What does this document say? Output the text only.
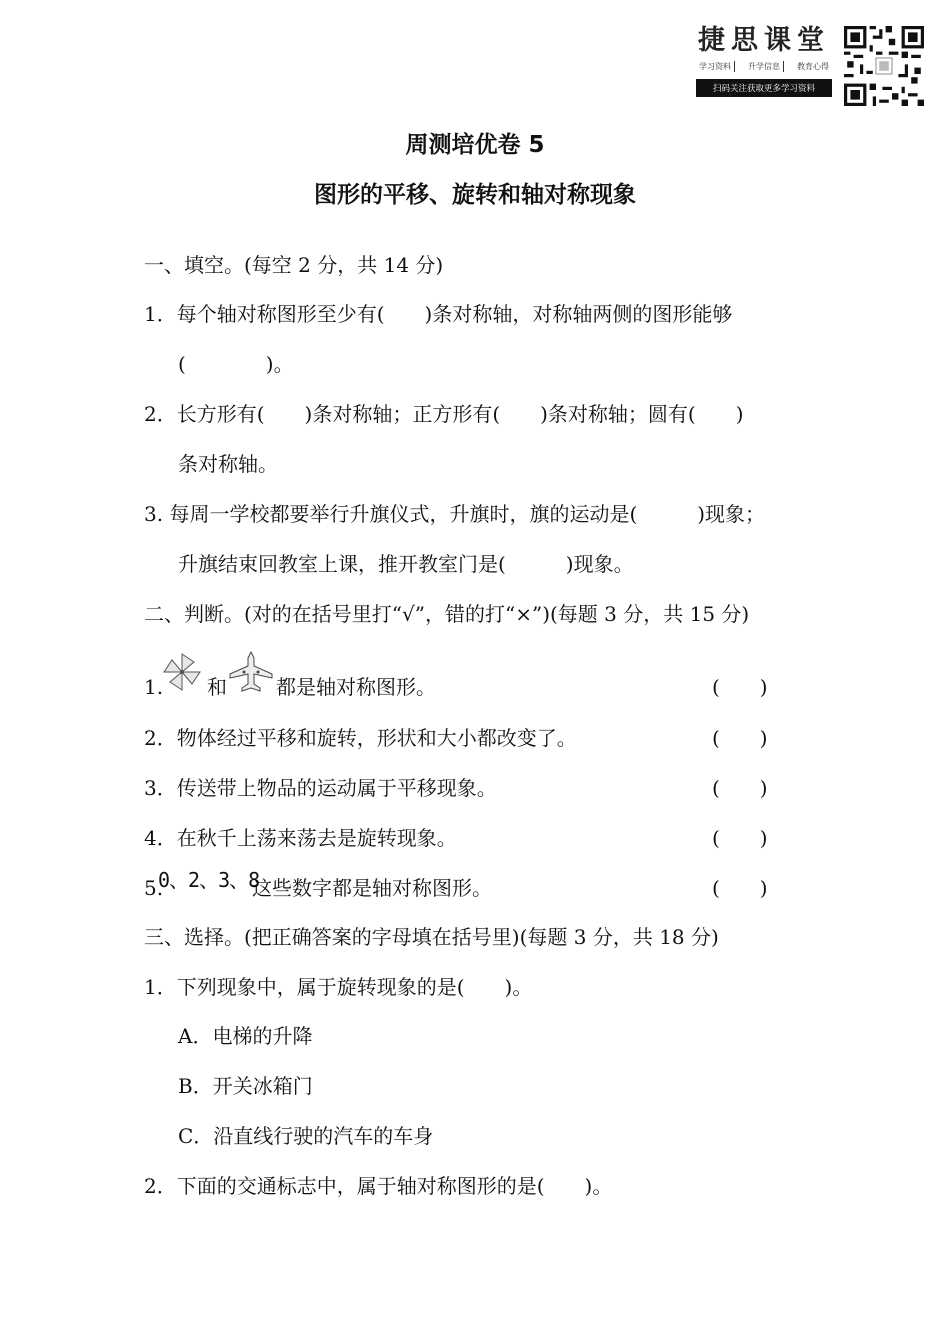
捷思课堂
学习资料	升学信息	教育心得
扫码关注获取更多学习资料
周测培优卷 5
图形的平移、旋转和轴对称现象
一、填空。(每空 2 分，共 14 分)
1．每个轴对称图形至少有(　　)条对称轴，对称轴两侧的图形能够
(　　　　)。
2．长方形有(　　)条对称轴；正方形有(　　)条对称轴；圆有(　　)
条对称轴。
3. 每周一学校都要举行升旗仪式，升旗时，旗的运动是(　　　)现象；
升旗结束回教室上课，推开教室门是(　　　)现象。
二、判断。(对的在括号里打“√”，错的打“×”)(每题 3 分，共 15 分)
1. 和 都是轴对称图形。	(　　)
2．物体经过平移和旋转，形状和大小都改变了。	(　　)
3．传送带上物品的运动属于平移现象。	(　　)
4．在秋千上荡来荡去是旋转现象。	(　　)
5.
0、2、3、8
这些数字都是轴对称图形。	(　　)
三、选择。(把正确答案的字母填在括号里)(每题 3 分，共 18 分)
1．下列现象中，属于旋转现象的是(　　)。
A．电梯的升降
B．开关冰箱门
C．沿直线行驶的汽车的车身
2．下面的交通标志中，属于轴对称图形的是(　　)。
